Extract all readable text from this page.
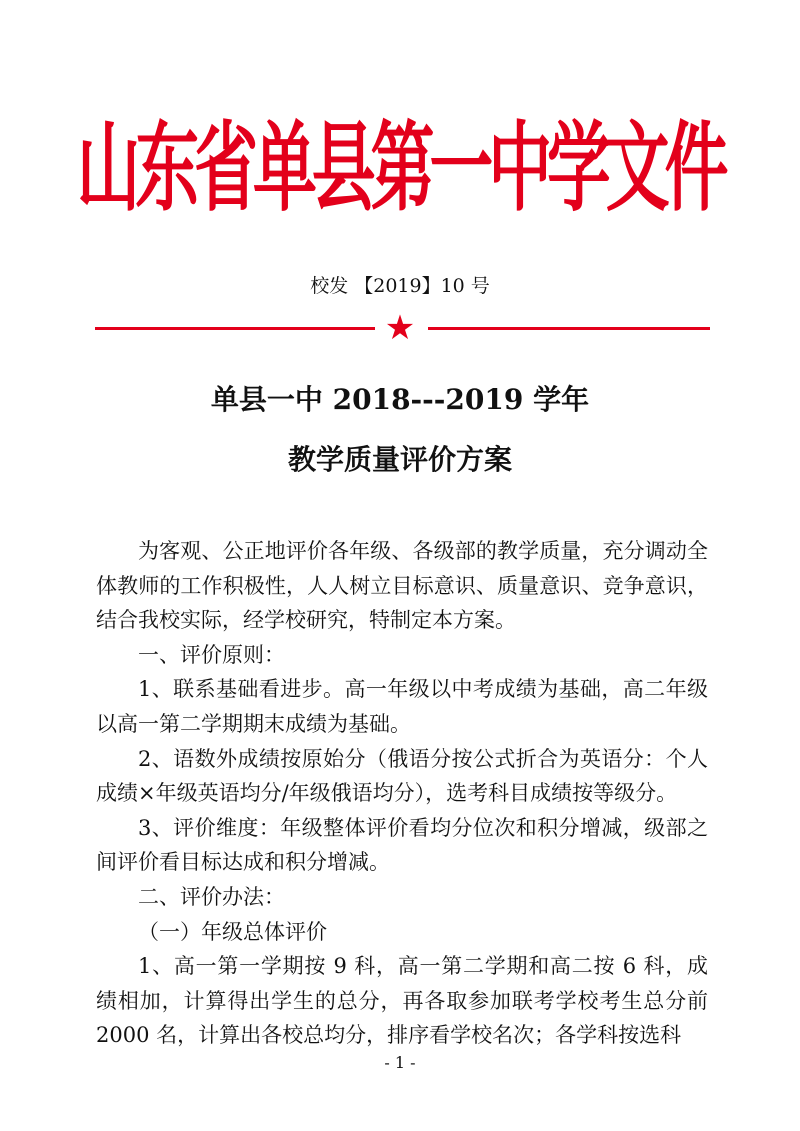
山东省单县第一中学文件
校发 【2019】10 号
★
单县一中 2018---2019 学年
教学质量评价方案

为客观、公正地评价各年级、各级部的教学质量，充分调动全体教师的工作积极性，人人树立目标意识、质量意识、竞争意识，结合我校实际，经学校研究，特制定本方案。

一、评价原则：

1、联系基础看进步。高一年级以中考成绩为基础，高二年级以高一第二学期期末成绩为基础。

2、语数外成绩按原始分（俄语分按公式折合为英语分：个人成绩×年级英语均分/年级俄语均分），选考科目成绩按等级分。

3、评价维度：年级整体评价看均分位次和积分增减，级部之间评价看目标达成和积分增减。

二、评价办法：

（一）年级总体评价

1、高一第一学期按 9 科，高一第二学期和高二按 6 科，成绩相加，计算得出学生的总分，再各取参加联考学校考生总分前 2000 名，计算出各校总均分，排序看学校名次；各学科按选科

- 1 -
